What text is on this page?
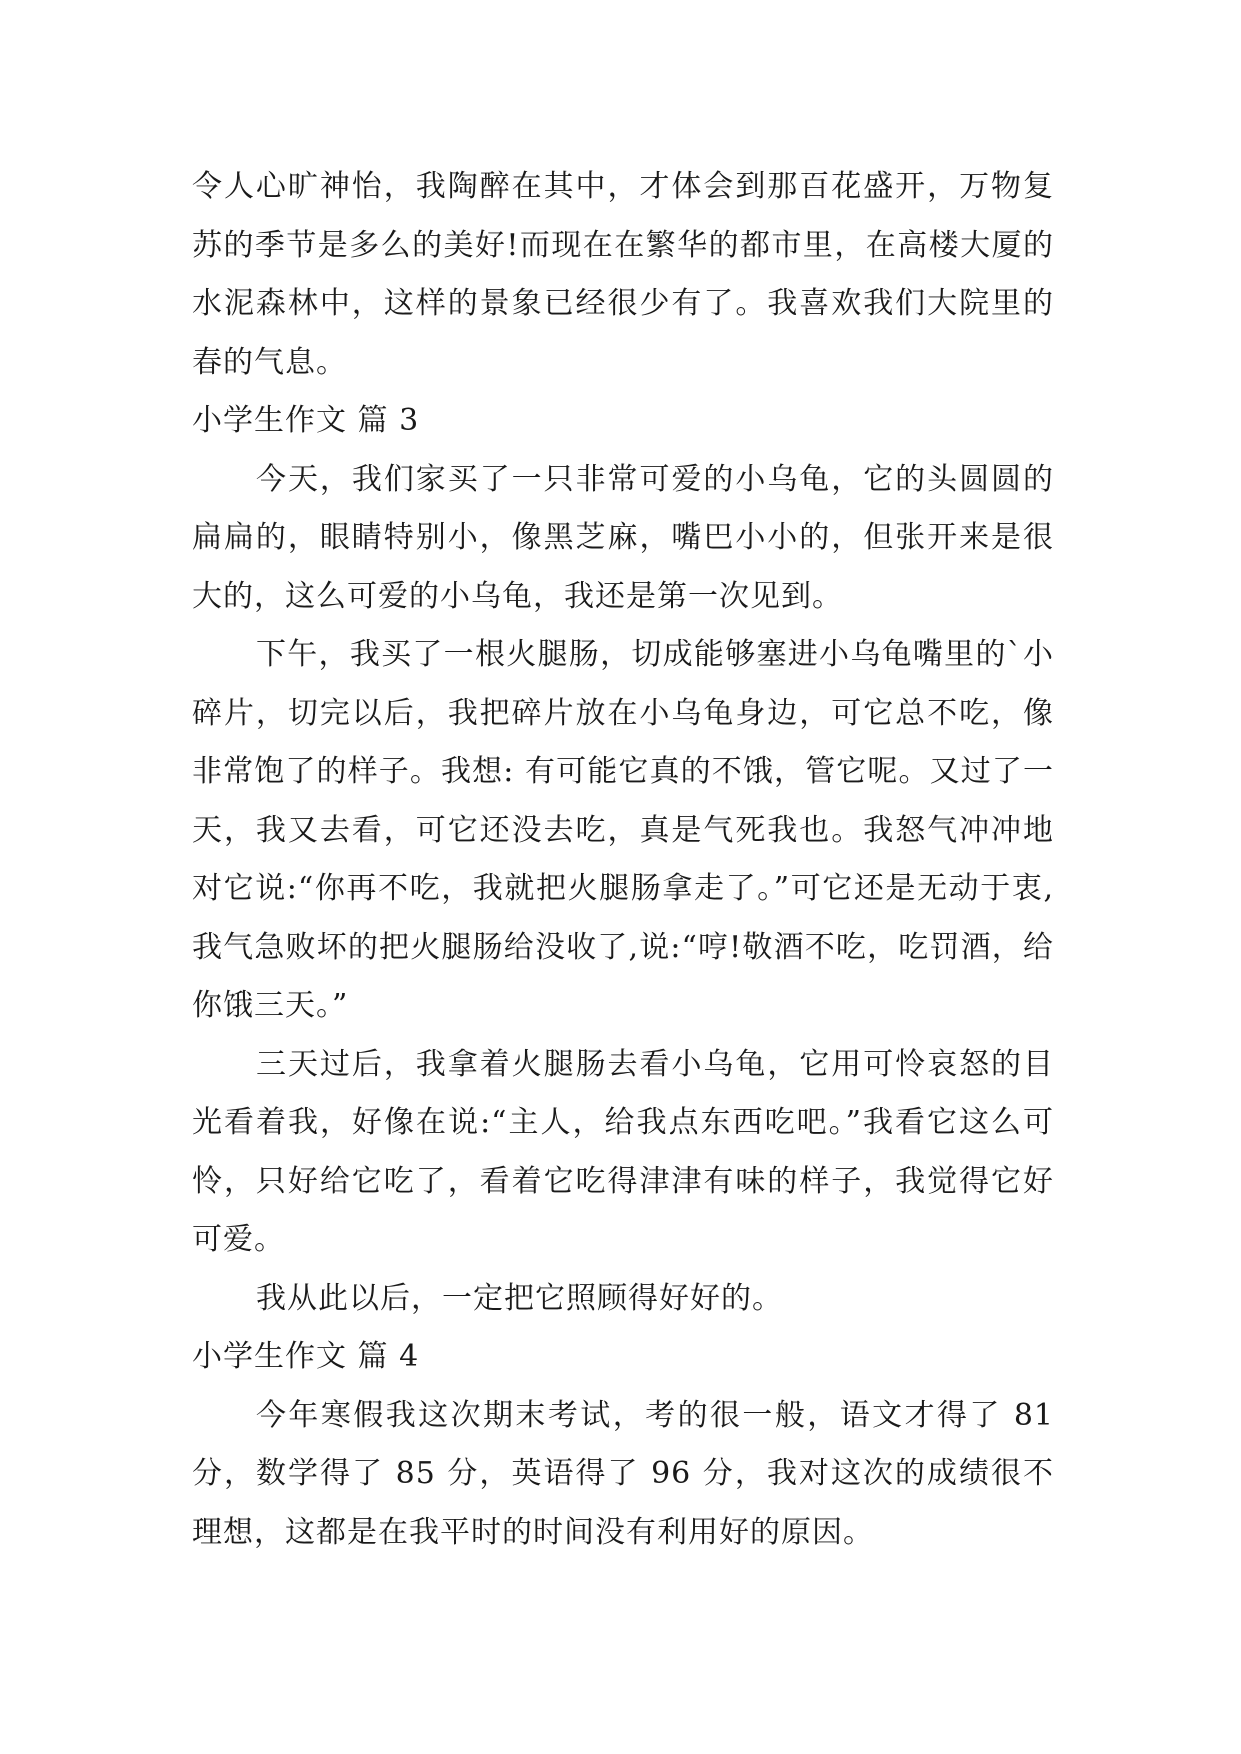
令人心旷神怡，我陶醉在其中，才体会到那百花盛开，万物复苏的季节是多么的美好!而现在在繁华的都市里，在高楼大厦的水泥森林中，这样的景象已经很少有了。我喜欢我们大院里的春的气息。

小学生作文 篇 3

今天，我们家买了一只非常可爱的小乌龟，它的头圆圆的扁扁的，眼睛特别小，像黑芝麻，嘴巴小小的，但张开来是很大的，这么可爱的小乌龟，我还是第一次见到。

下午，我买了一根火腿肠，切成能够塞进小乌龟嘴里的`小碎片，切完以后，我把碎片放在小乌龟身边，可它总不吃，像非常饱了的样子。我想: 有可能它真的不饿，管它呢。又过了一天，我又去看，可它还没去吃，真是气死我也。我怒气冲冲地对它说:“你再不吃，我就把火腿肠拿走了。”可它还是无动于衷,我气急败坏的把火腿肠给没收了,说:“哼!敬酒不吃，吃罚酒，给你饿三天。”

三天过后，我拿着火腿肠去看小乌龟，它用可怜哀怒的目光看着我，好像在说:“主人，给我点东西吃吧。”我看它这么可怜，只好给它吃了，看着它吃得津津有味的样子，我觉得它好可爱。

我从此以后，一定把它照顾得好好的。

小学生作文 篇 4

今年寒假我这次期末考试，考的很一般，语文才得了 81 分，数学得了 85 分，英语得了 96 分，我对这次的成绩很不理想，这都是在我平时的时间没有利用好的原因。
